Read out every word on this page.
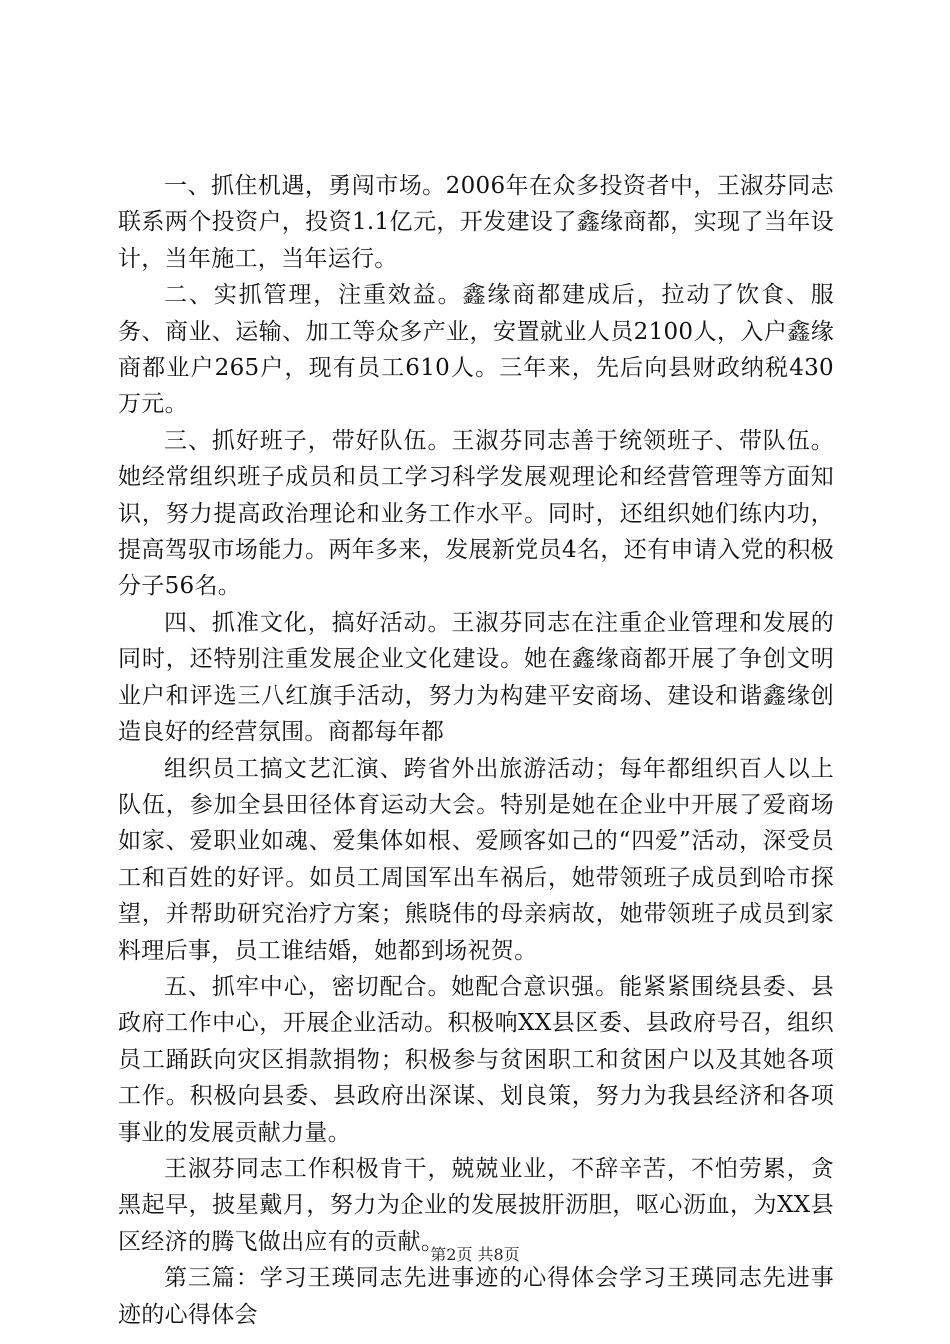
一、抓住机遇，勇闯市场。2006年在众多投资者中，王淑芬同志联系两个投资户，投资1.1亿元，开发建设了鑫缘商都，实现了当年设计，当年施工，当年运行。

二、实抓管理，注重效益。鑫缘商都建成后，拉动了饮食、服务、商业、运输、加工等众多产业，安置就业人员2100人，入户鑫缘商都业户265户，现有员工610人。三年来，先后向县财政纳税430万元。

三、抓好班子，带好队伍。王淑芬同志善于统领班子、带队伍。她经常组织班子成员和员工学习科学发展观理论和经营管理等方面知识，努力提高政治理论和业务工作水平。同时，还组织她们练内功，提高驾驭市场能力。两年多来，发展新党员4名，还有申请入党的积极分子56名。

四、抓准文化，搞好活动。王淑芬同志在注重企业管理和发展的同时，还特别注重发展企业文化建设。她在鑫缘商都开展了争创文明业户和评选三八红旗手活动，努力为构建平安商场、建设和谐鑫缘创造良好的经营氛围。商都每年都

组织员工搞文艺汇演、跨省外出旅游活动；每年都组织百人以上队伍，参加全县田径体育运动大会。特别是她在企业中开展了爱商场如家、爱职业如魂、爱集体如根、爱顾客如己的“四爱”活动，深受员工和百姓的好评。如员工周国军出车祸后，她带领班子成员到哈市探望，并帮助研究治疗方案；熊晓伟的母亲病故，她带领班子成员到家料理后事，员工谁结婚，她都到场祝贺。

五、抓牢中心，密切配合。她配合意识强。能紧紧围绕县委、县政府工作中心，开展企业活动。积极响XX县区委、县政府号召，组织员工踊跃向灾区捐款捐物；积极参与贫困职工和贫困户以及其她各项工作。积极向县委、县政府出深谋、划良策，努力为我县经济和各项事业的发展贡献力量。

王淑芬同志工作积极肯干，兢兢业业，不辞辛苦，不怕劳累，贪黑起早，披星戴月，努力为企业的发展披肝沥胆，呕心沥血，为XX县区经济的腾飞做出应有的贡献。

第三篇：学习王瑛同志先进事迹的心得体会学习王瑛同志先进事迹的心得体会

第2页 共8页
